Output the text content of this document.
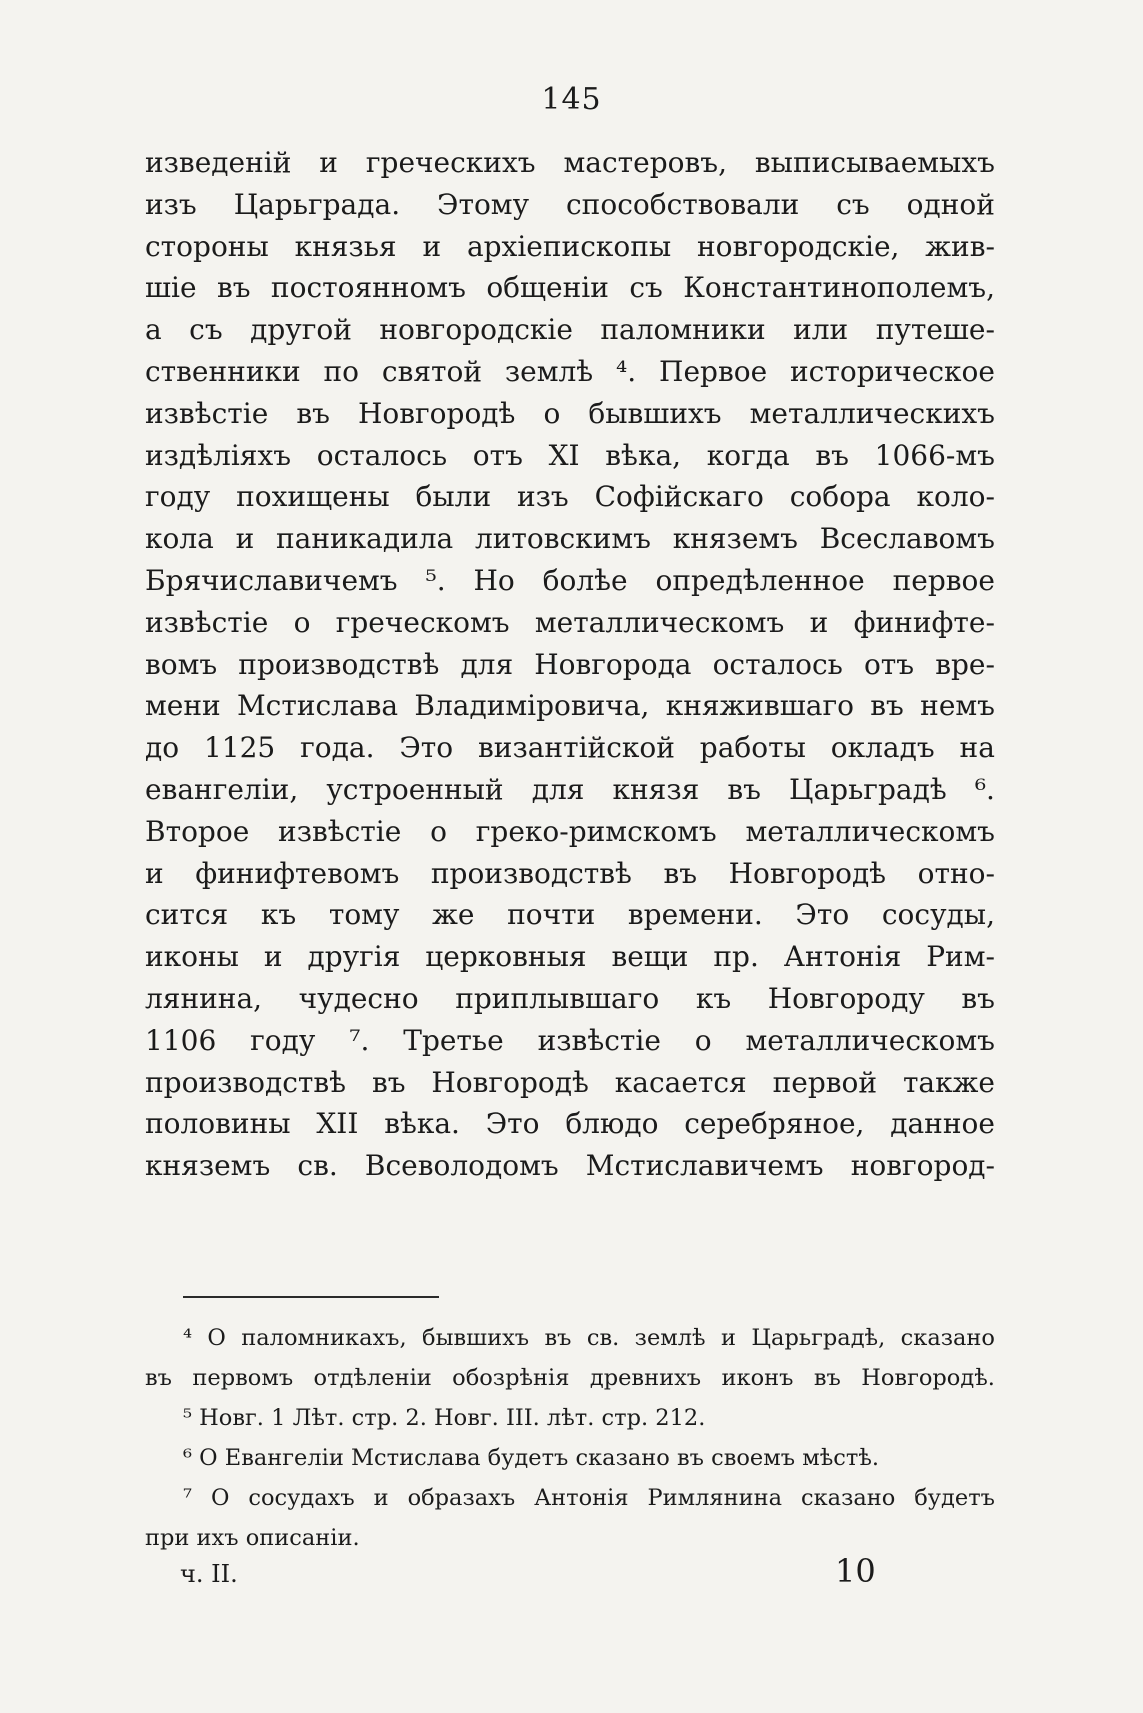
145
изведеній и греческихъ мастеровъ, выписываемыхъ
изъ Царьграда. Этому способствовали съ одной
стороны князья и архіепископы новгородскіе, жив-
шіе въ постоянномъ общеніи съ Константинополемъ,
а съ другой новгородскіе паломники или путеше-
ственники по святой землѣ ⁴. Первое историческое
извѣстіе въ Новгородѣ о бывшихъ металлическихъ
издѣліяхъ осталось отъ XI вѣка, когда въ 1066-мъ
году похищены были изъ Софійскаго собора коло-
кола и паникадила литовскимъ княземъ Всеславомъ
Брячиславичемъ ⁵. Но болѣе опредѣленное первое
извѣстіе о греческомъ металлическомъ и финифте-
вомъ производствѣ для Новгорода осталось отъ вре-
мени Мстислава Владиміровича, княжившаго въ немъ
до 1125 года. Это византійской работы окладъ на
евангеліи, устроенный для князя въ Царьградѣ ⁶.
Второе извѣстіе о греко-римскомъ металлическомъ
и финифтевомъ производствѣ въ Новгородѣ отно-
сится къ тому же почти времени. Это сосуды,
иконы и другія церковныя вещи пр. Антонія Рим-
лянина, чудесно приплывшаго къ Новгороду въ
1106 году ⁷. Третье извѣстіе о металлическомъ
производствѣ въ Новгородѣ касается первой также
половины XII вѣка. Это блюдо серебряное, данное
княземъ св. Всеволодомъ Мстиславичемъ новгород-
⁴ О паломникахъ, бывшихъ въ св. землѣ и Царьградѣ, сказано
въ первомъ отдѣленіи обозрѣнія древнихъ иконъ въ Новгородѣ.
⁵ Новг. 1 Лѣт. стр. 2. Новг. III. лѣт. стр. 212.
⁶ О Евангеліи Мстислава будетъ сказано въ своемъ мѣстѣ.
⁷ О сосудахъ и образахъ Антонія Римлянина сказано будетъ
при ихъ описаніи.
ч. II.	10
